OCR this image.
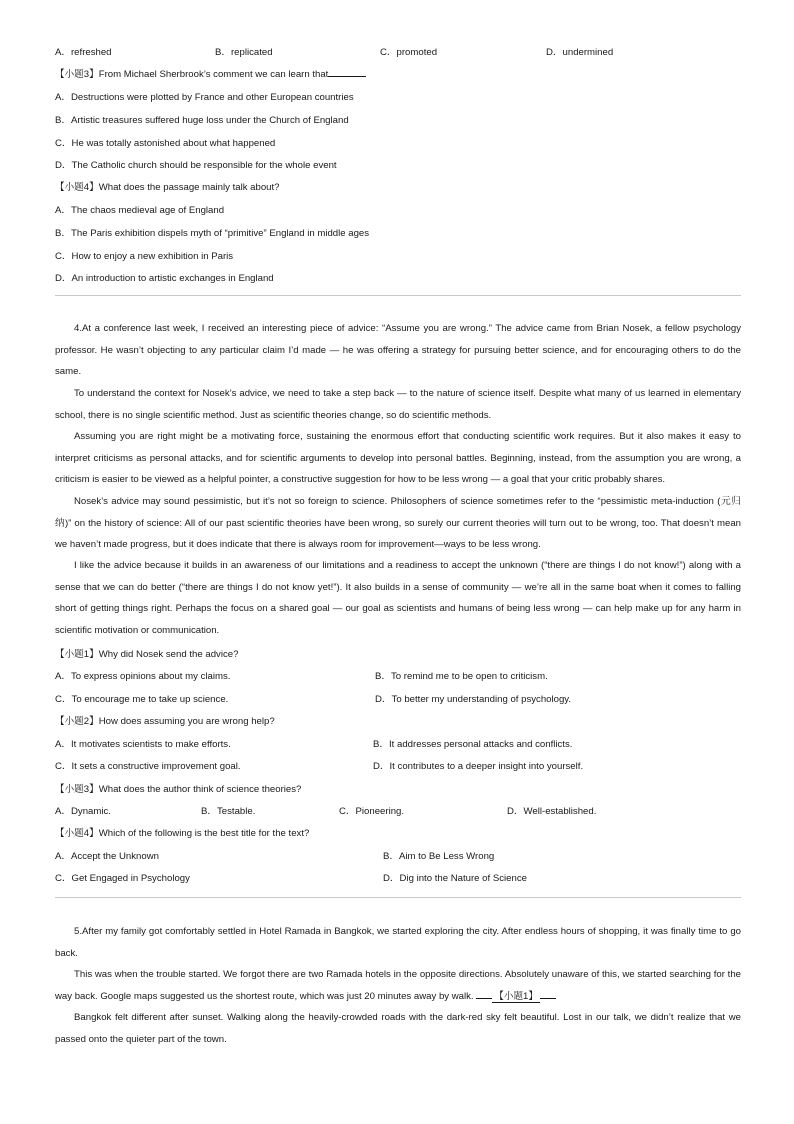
A．refreshed	B．replicated	C．promoted	D．undermined
【小题3】From Michael Sherbrook’s comment we can learn that
A．Destructions were plotted by France and other European countries
B．Artistic treasures suffered huge loss under the Church of England
C．He was totally astonished about what happened
D．The Catholic church should be responsible for the whole event
【小题4】What does the passage mainly talk about?
A．The chaos medieval age of England
B．The Paris exhibition dispels myth of “primitive” England in middle ages
C．How to enjoy a new exhibition in Paris
D．An introduction to artistic exchanges in England
4.At a conference last week, I received an interesting piece of advice: “Assume you are wrong.” The advice came from Brian Nosek, a fellow psychology professor. He wasn’t objecting to any particular claim I’d made — he was offering a strategy for pursuing better science, and for encouraging others to do the same.
To understand the context for Nosek’s advice, we need to take a step back — to the nature of science itself. Despite what many of us learned in elementary school, there is no single scientific method. Just as scientific theories change, so do scientific methods.
Assuming you are right might be a motivating force, sustaining the enormous effort that conducting scientific work requires. But it also makes it easy to interpret criticisms as personal attacks, and for scientific arguments to develop into personal battles. Beginning, instead, from the assumption you are wrong, a criticism is easier to be viewed as a helpful pointer, a constructive suggestion for how to be less wrong — a goal that your critic probably shares.
Nosek’s advice may sound pessimistic, but it’s not so foreign to science. Philosophers of science sometimes refer to the “pessimistic meta-induction (元归纳)” on the history of science: All of our past scientific theories have been wrong, so surely our current theories will turn out to be wrong, too. That doesn’t mean we haven’t made progress, but it does indicate that there is always room for improvement—ways to be less wrong.
I like the advice because it builds in an awareness of our limitations and a readiness to accept the unknown (“there are things I do not know!”) along with a sense that we can do better (“there are things I do not know yet!”). It also builds in a sense of community — we’re all in the same boat when it comes to falling short of getting things right. Perhaps the focus on a shared goal — our goal as scientists and humans of being less wrong — can help make up for any harm in scientific motivation or communication.
【小题1】Why did Nosek send the advice?
A．To express opinions about my claims.	B．To remind me to be open to criticism.
C．To encourage me to take up science.	D．To better my understanding of psychology.
【小题2】How does assuming you are wrong help?
A．It motivates scientists to make efforts.	B．It addresses personal attacks and conflicts.
C．It sets a constructive improvement goal.	D．It contributes to a deeper insight into yourself.
【小题3】What does the author think of science theories?
A．Dynamic.	B．Testable.	C．Pioneering.	D．Well-established.
【小题4】Which of the following is the best title for the text?
A．Accept the Unknown	B．Aim to Be Less Wrong
C．Get Engaged in Psychology	D．Dig into the Nature of Science
5.After my family got comfortably settled in Hotel Ramada in Bangkok, we started exploring the city. After endless hours of shopping, it was finally time to go back.
This was when the trouble started. We forgot there are two Ramada hotels in the opposite directions. Absolutely unaware of this, we started searching for the way back. Google maps suggested us the shortest route, which was just 20 minutes away by walk. 【小题1】
Bangkok felt different after sunset. Walking along the heavily-crowded roads with the dark-red sky felt beautiful. Lost in our talk, we didn’t realize that we passed onto the quieter part of the town.
